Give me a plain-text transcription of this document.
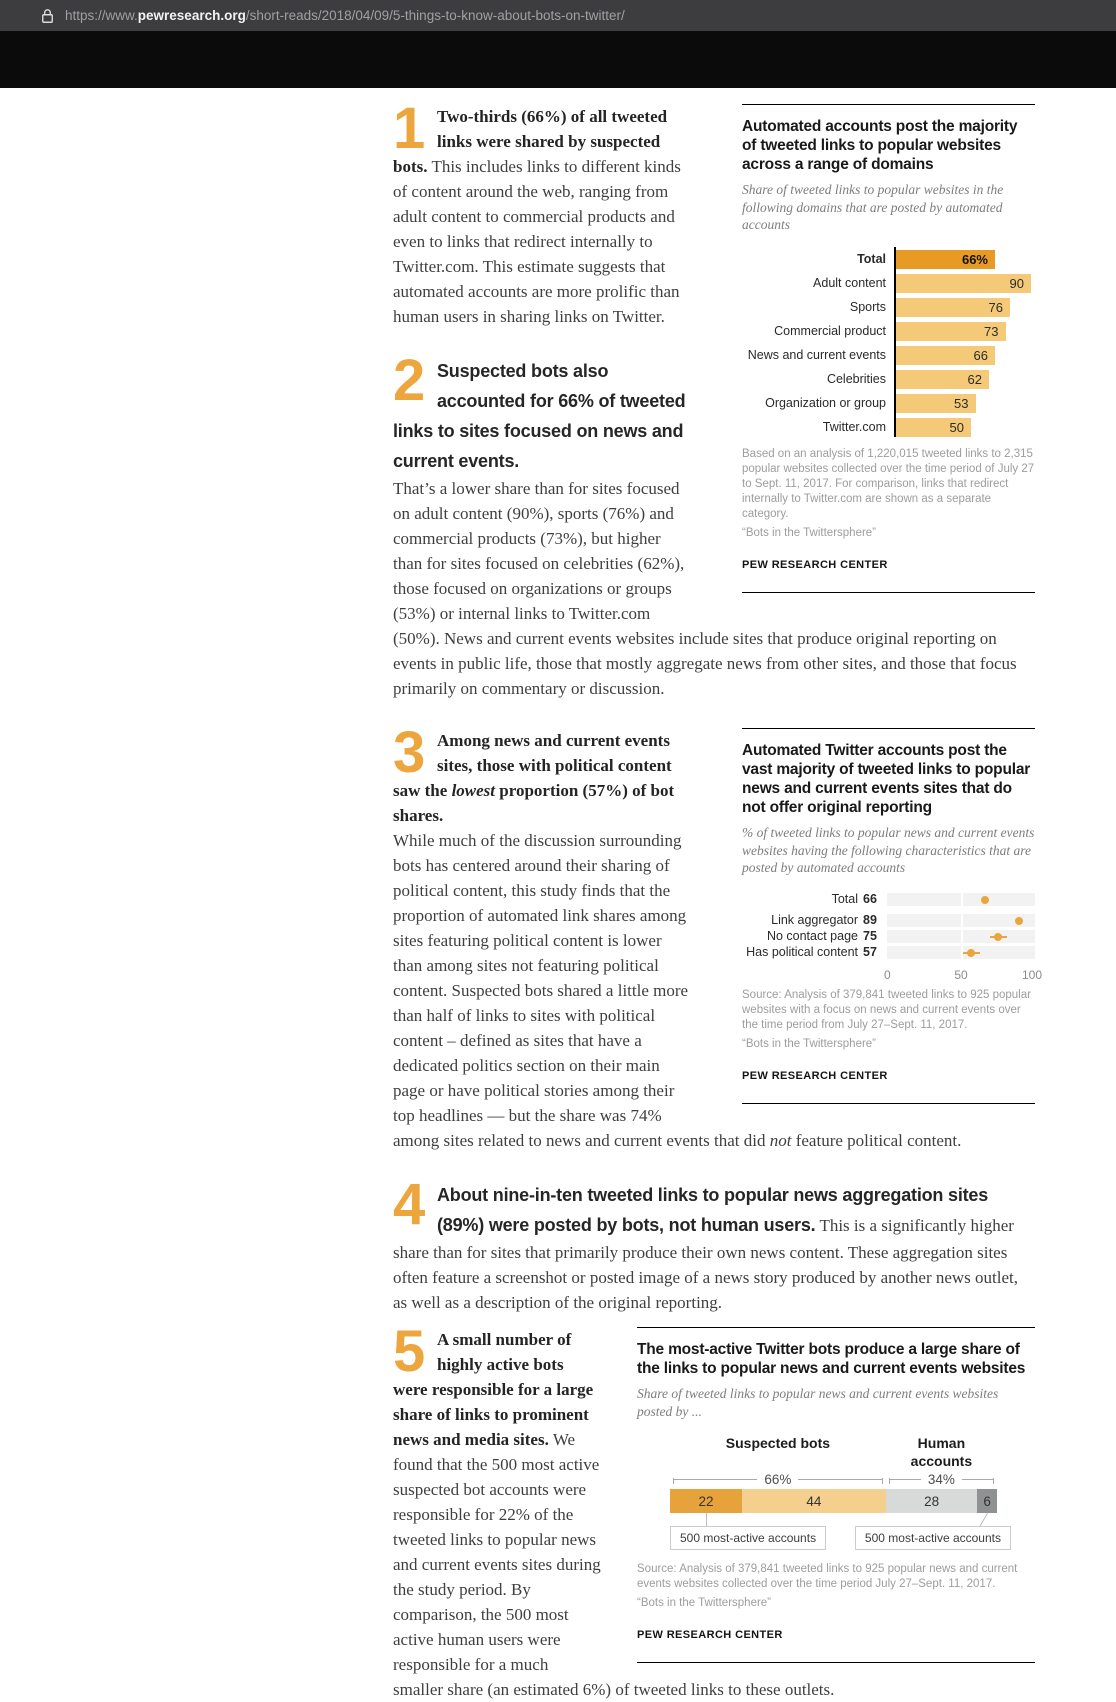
https://www.pewresearch.org/short-reads/2018/04/09/5-things-to-know-about-bots-on-twitter/
Automated accounts post the majority of tweeted links to popular websites across a range of domains

Share of tweeted links to popular websites in the following domains that are posted by automated accounts

Total	66%
Adult content	90
Sports	76
Commercial product	73
News and current events	66
Celebrities	62
Organization or group	53
Twitter.com	50

Based on an analysis of 1,220,015 tweeted links to 2,315 popular websites collected over the time period of July 27 to Sept. 11, 2017. For comparison, links that redirect internally to Twitter.com are shown as a separate category.

“Bots in the Twittersphere”

PEW RESEARCH CENTER

1 Two-thirds (66%) of all tweeted links were shared by suspected bots. This includes links to different kinds of content around the web, ranging from adult content to commercial products and even to links that redirect internally to Twitter.com. This estimate suggests that automated accounts are more prolific than human users in sharing links on Twitter.

2 Suspected bots also accounted for 66% of tweeted links to sites focused on news and current events.

That’s a lower share than for sites focused on adult content (90%), sports (76%) and commercial products (73%), but higher than for sites focused on celebrities (62%), those focused on organizations or groups (53%) or internal links to Twitter.com (50%). News and current events websites include sites that produce original reporting on events in public life, those that mostly aggregate news from other sites, and those that focus primarily on commentary or discussion.

Automated Twitter accounts post the vast majority of tweeted links to popular news and current events sites that do not offer original reporting

% of tweeted links to popular news and current events websites having the following characteristics that are posted by automated accounts

Total 66
Link aggregator 89
No contact page 75
Has political content 57
0	50	100

Source: Analysis of 379,841 tweeted links to 925 popular websites with a focus on news and current events over the time period from July 27–Sept. 11, 2017.

“Bots in the Twittersphere”

PEW RESEARCH CENTER

3 Among news and current events sites, those with political content saw the lowest proportion (57%) of bot shares.

While much of the discussion surrounding bots has centered around their sharing of political content, this study finds that the proportion of automated link shares among sites featuring political content is lower than among sites not featuring political content. Suspected bots shared a little more than half of links to sites with political content – defined as sites that have a dedicated politics section on their main page or have political stories among their top headlines — but the share was 74% among sites related to news and current events that did not feature political content.

4 About nine-in-ten tweeted links to popular news aggregation sites (89%) were posted by bots, not human users. This is a significantly higher share than for sites that primarily produce their own news content. These aggregation sites often feature a screenshot or posted image of a news story produced by another news outlet, as well as a description of the original reporting.

The most-active Twitter bots produce a large share of the links to popular news and current events websites

Share of tweeted links to popular news and current events websites posted by ...

Suspected bots	Human accounts
66%	34%
22	44	28	6
500 most-active accounts	500 most-active accounts

Source: Analysis of 379,841 tweeted links to 925 popular news and current events websites collected over the time period July 27–Sept. 11, 2017.

“Bots in the Twittersphere”

PEW RESEARCH CENTER

5 A small number of highly active bots were responsible for a large share of links to prominent news and media sites. We found that the 500 most active suspected bot accounts were responsible for 22% of the tweeted links to popular news and current events sites during the study period. By comparison, the 500 most active human users were responsible for a much smaller share (an estimated 6%) of tweeted links to these outlets.
